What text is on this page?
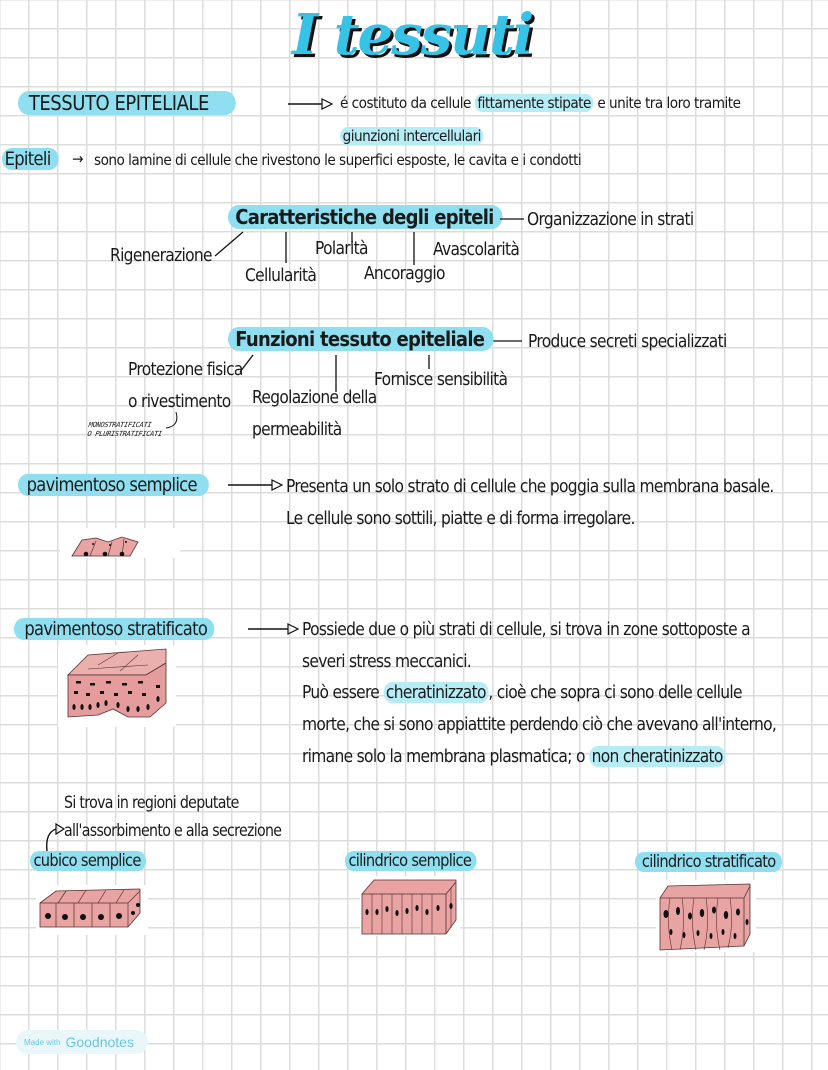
I tessuti
TESSUTO EPITELIALE	é costituto da cellule fittamente stipate e unite tra loro tramite
giunzioni intercellulari
Epiteli	→ sono lamine di cellule che rivestono le superfici esposte, le cavita e i condotti
Caratteristiche degli epiteli	Organizzazione in strati
Rigenerazione
Cellularità
Polarità
Ancoraggio
Avascolarità
Funzioni tessuto epiteliale	Produce secreti specializzati
Protezione fisica
o rivestimento Regolazione della
permeabilità
Fornisce sensibilità
MONOSTRATIFICATI
O PLURISTRATIFICATI
pavimentoso semplice	Presenta un solo strato di cellule che poggia sulla membrana basale.
Le cellule sono sottili, piatte e di forma irregolare.
pavimentoso stratificato	Possiede due o più strati di cellule, si trova in zone sottoposte a
severi stress meccanici.
Può essere cheratinizzato , cioè che sopra ci sono delle cellule
morte, che si sono appiattite perdendo ciò che avevano all'interno,
rimane solo la membrana plasmatica; o non cheratinizzato
Si trova in regioni deputate
all'assorbimento e alla secrezione
cubico semplice	cilindrico semplice	cilindrico stratificato
Made with Goodnotes
